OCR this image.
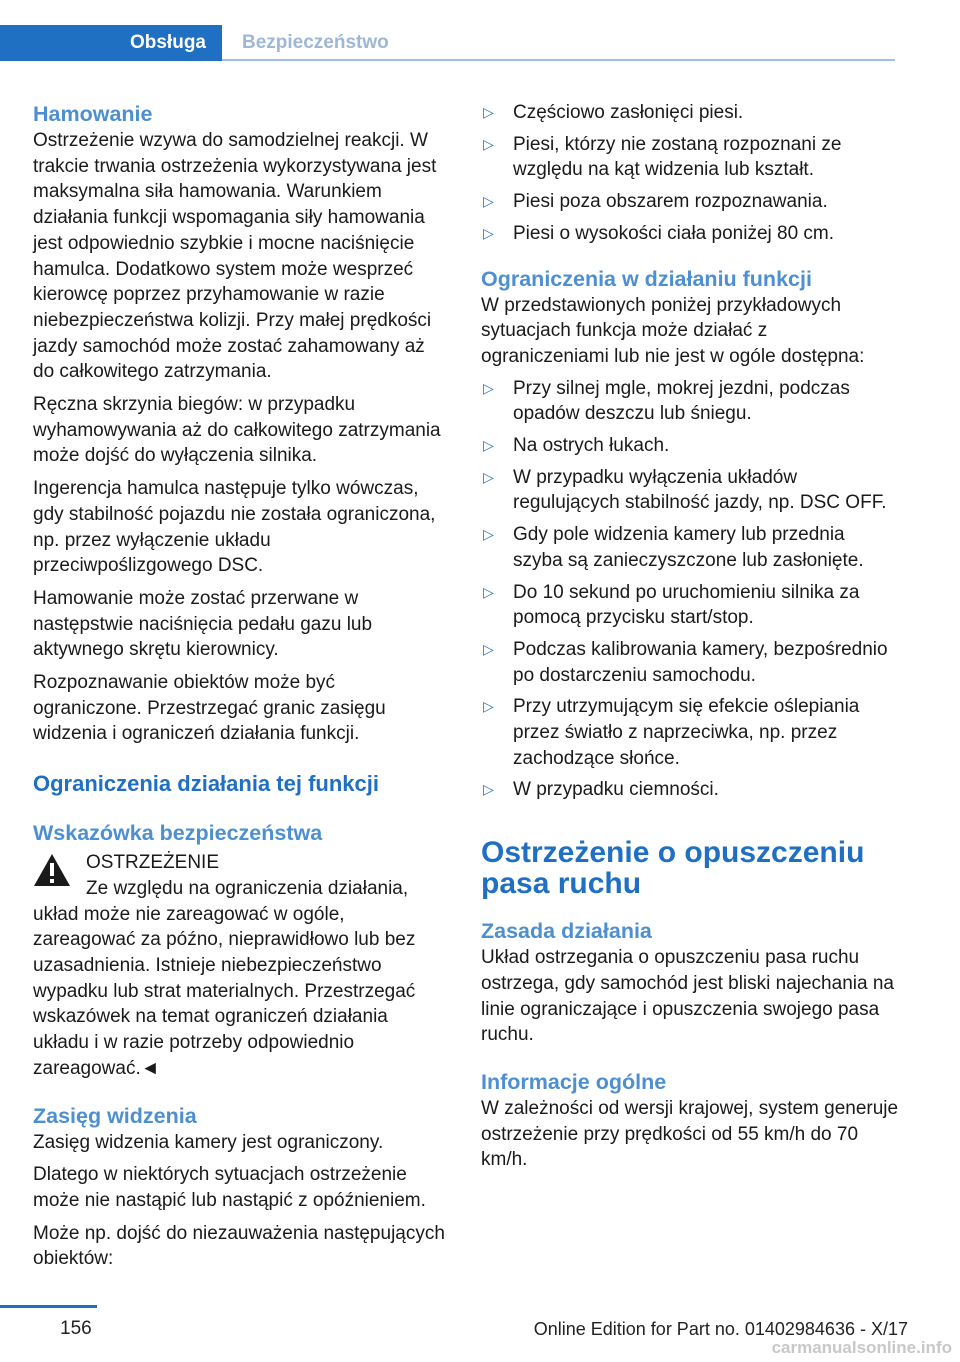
Obsługa Bezpieczeństwo
Hamowanie

Ostrzeżenie wzywa do samodzielnej reakcji. W trakcie trwania ostrzeżenia wykorzystywana jest maksymalna siła hamowania. Warunkiem działania funkcji wspomagania siły hamowania jest odpowiednio szybkie i mocne naciśnięcie hamulca. Dodatkowo system może wesprzeć kierowcę poprzez przyhamowanie w razie niebezpieczeństwa kolizji. Przy małej prędkości jazdy samochód może zostać zahamowany aż do całkowitego zatrzymania.

Ręczna skrzynia biegów: w przypadku wyhamowywania aż do całkowitego zatrzymania może dojść do wyłączenia silnika.

Ingerencja hamulca następuje tylko wówczas, gdy stabilność pojazdu nie została ograniczona, np. przez wyłączenie układu przeciwpoślizgowego DSC.

Hamowanie może zostać przerwane w następstwie naciśnięcia pedału gazu lub aktywnego skrętu kierownicy.

Rozpoznawanie obiektów może być ograniczone. Przestrzegać granic zasięgu widzenia i ograniczeń działania funkcji.

Ograniczenia działania tej funkcji
Wskazówka bezpieczeństwa
OSTRZEŻENIE
Ze względu na ograniczenia działania,
układ może nie zareagować w ogóle, zareagować za późno, nieprawidłowo lub bez uzasadnienia. Istnieje niebezpieczeństwo wypadku lub strat materialnych. Przestrzegać wskazówek na temat ograniczeń działania układu i w razie potrzeby odpowiednio zareagować.◄
Zasięg widzenia

Zasięg widzenia kamery jest ograniczony.

Dlatego w niektórych sytuacjach ostrzeżenie może nie nastąpić lub nastąpić z opóźnieniem.

Może np. dojść do niezauważenia następujących obiektów:

▷ Częściowo zasłonięci piesi.
▷ Piesi, którzy nie zostaną rozpoznani ze względu na kąt widzenia lub kształt.
▷ Piesi poza obszarem rozpoznawania.
▷ Piesi o wysokości ciała poniżej 80 cm.
Ograniczenia w działaniu funkcji

W przedstawionych poniżej przykładowych sytuacjach funkcja może działać z ograniczeniami lub nie jest w ogóle dostępna:

▷ Przy silnej mgle, mokrej jezdni, podczas opadów deszczu lub śniegu.
▷ Na ostrych łukach.
▷ W przypadku wyłączenia układów regulujących stabilność jazdy, np. DSC OFF.
▷ Gdy pole widzenia kamery lub przednia szyba są zanieczyszczone lub zasłonięte.
▷ Do 10 sekund po uruchomieniu silnika za pomocą przycisku start/stop.
▷ Podczas kalibrowania kamery, bezpośrednio po dostarczeniu samochodu.
▷ Przy utrzymującym się efekcie oślepiania przez światło z naprzeciwka, np. przez zachodzące słońce.
▷ W przypadku ciemności.
Ostrzeżenie o opuszczeniu pasa ruchu
Zasada działania

Układ ostrzegania o opuszczeniu pasa ruchu ostrzega, gdy samochód jest bliski najechania na linie ograniczające i opuszczenia swojego pasa ruchu.

Informacje ogólne

W zależności od wersji krajowej, system generuje ostrzeżenie przy prędkości od 55 km/h do 70 km/h.

156	Online Edition for Part no. 01402984636 - X/17
carmanualsonline.info
